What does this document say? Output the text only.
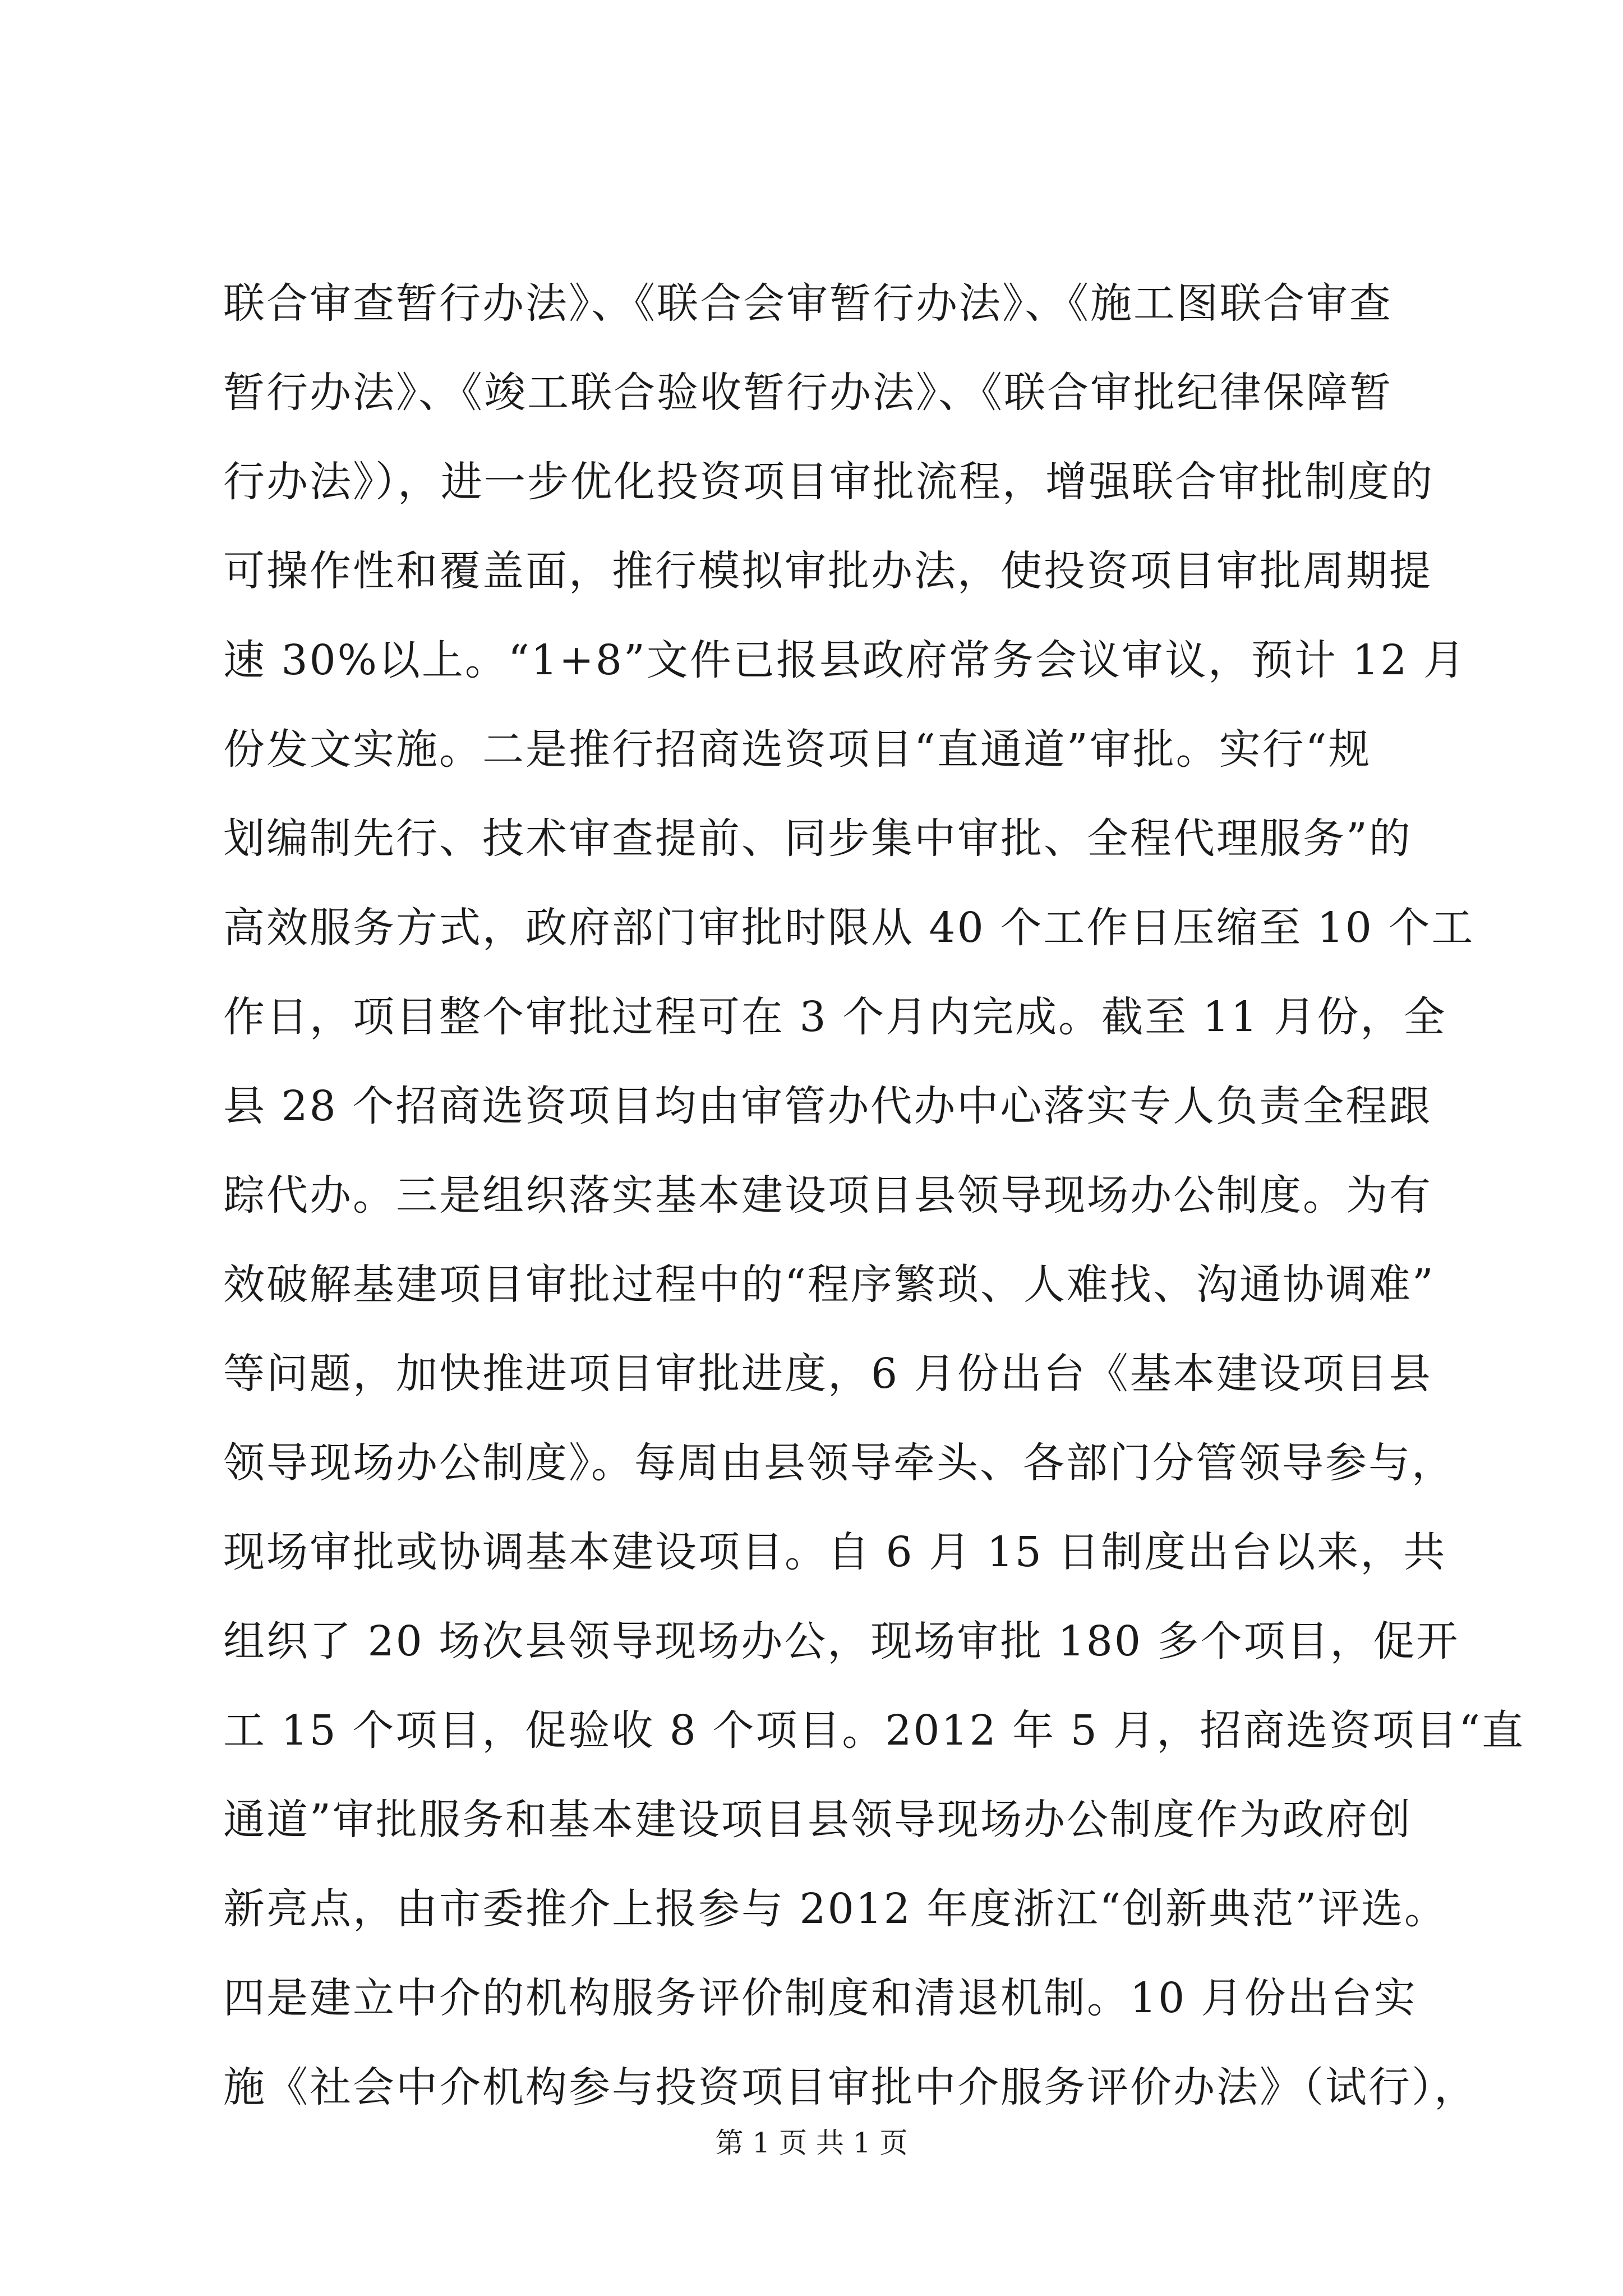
联合审查暂行办法》、《联合会审暂行办法》、《施工图联合审查
暂行办法》、《竣工联合验收暂行办法》、《联合审批纪律保障暂
行办法》），进一步优化投资项目审批流程，增强联合审批制度的
可操作性和覆盖面，推行模拟审批办法，使投资项目审批周期提
速 30%以上。“1+8”文件已报县政府常务会议审议，预计 12 月
份发文实施。二是推行招商选资项目“直通道”审批。实行“规
划编制先行、技术审查提前、同步集中审批、全程代理服务”的
高效服务方式，政府部门审批时限从 40 个工作日压缩至 10 个工
作日，项目整个审批过程可在 3 个月内完成。截至 11 月份，全
县 28 个招商选资项目均由审管办代办中心落实专人负责全程跟
踪代办。三是组织落实基本建设项目县领导现场办公制度。为有
效破解基建项目审批过程中的“程序繁琐、人难找、沟通协调难”
等问题，加快推进项目审批进度，6 月份出台《基本建设项目县
领导现场办公制度》。每周由县领导牵头、各部门分管领导参与，
现场审批或协调基本建设项目。自 6 月 15 日制度出台以来，共
组织了 20 场次县领导现场办公，现场审批 180 多个项目，促开
工 15 个项目，促验收 8 个项目。2012 年 5 月，招商选资项目“直
通道”审批服务和基本建设项目县领导现场办公制度作为政府创
新亮点，由市委推介上报参与 2012 年度浙江“创新典范”评选。
四是建立中介的机构服务评价制度和清退机制。10 月份出台实
施《社会中介机构参与投资项目审批中介服务评价办法》（试行），
第 1 页 共 1 页
